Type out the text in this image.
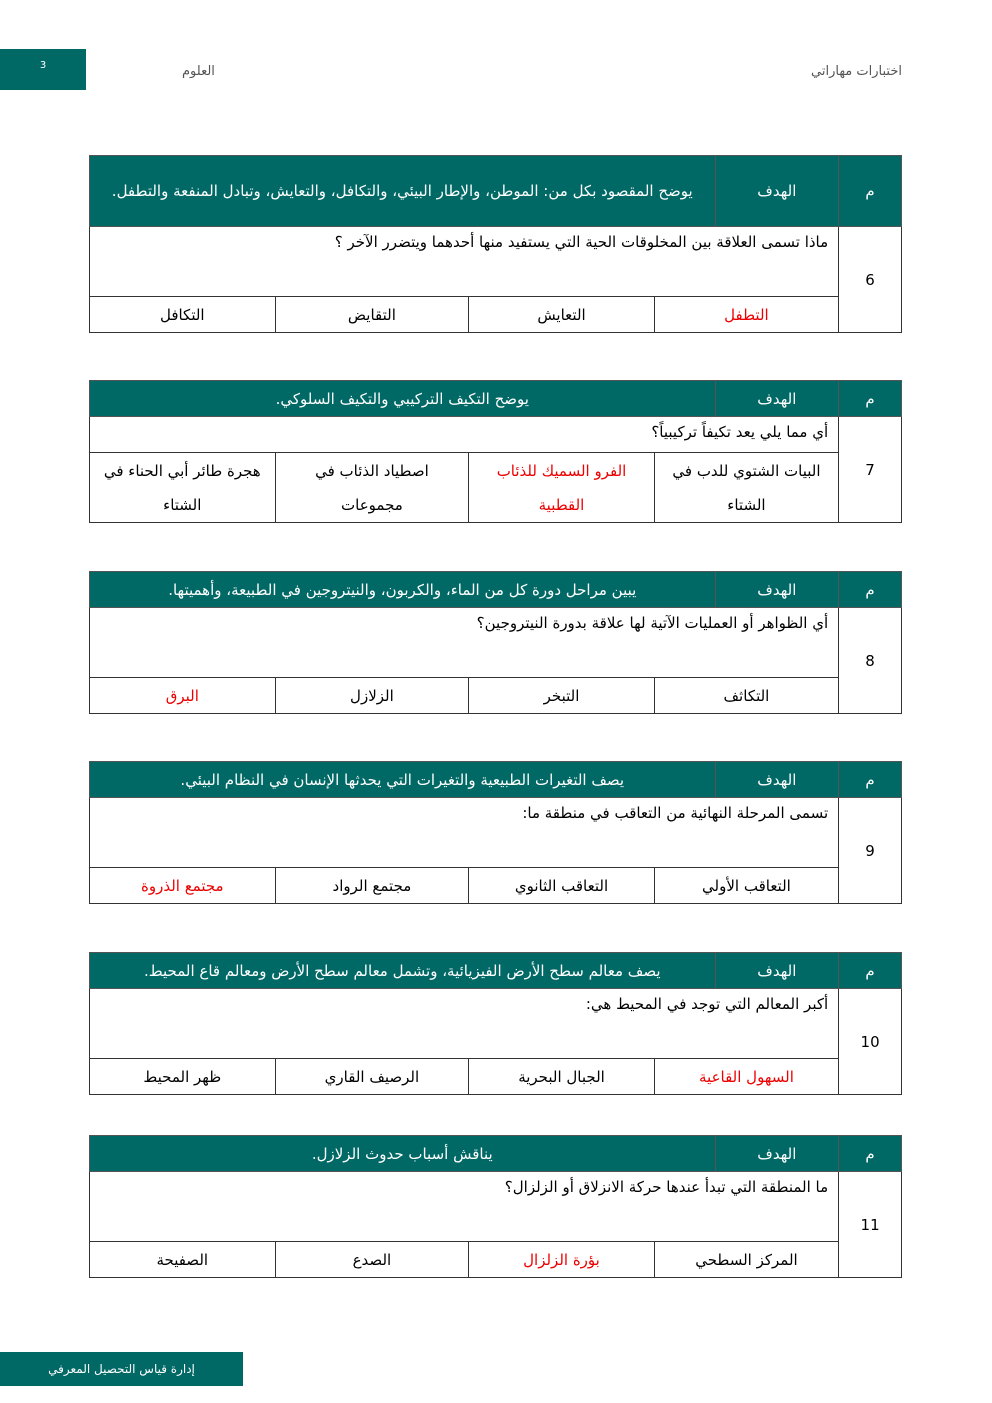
3	العلوم	اختبارات مهاراتي
م	الهدف	يوضح المقصود بكل من: الموطن، والإطار البيئي، والتكافل، والتعايش، وتبادل المنفعة والتطفل.			
6	ماذا تسمى العلاقة بين المخلوقات الحية التي يستفيد منها أحدهما ويتضرر الآخر ؟				
	التطفل		التعايش	التقايض	التكافل
م	الهدف	يوضح التكيف التركيبي والتكيف السلوكي.			
7	أي مما يلي يعد تكيفاً تركيبياً؟				
	البيات الشتوي للدب في الشتاء		الفرو السميك للذئاب القطبية	اصطياد الذئاب في مجموعات	هجرة طائر أبي الحناء في الشتاء
م	الهدف	يبين مراحل دورة كل من الماء، والكربون، والنيتروجين في الطبيعة، وأهميتها.			
8	أي الظواهر أو العمليات الآتية لها علاقة بدورة النيتروجين؟				
	التكاثف		التبخر	الزلازل	البرق
م	الهدف	يصف التغيرات الطبيعية والتغيرات التي يحدثها الإنسان في النظام البيئي.			
9	تسمى المرحلة النهائية من التعاقب في منطقة ما:				
	التعاقب الأولي		التعاقب الثانوي	مجتمع الرواد	مجتمع الذروة
م	الهدف	يصف معالم سطح الأرض الفيزيائية، وتشمل معالم سطح الأرض ومعالم قاع المحيط.			
10	أكبر المعالم التي توجد في المحيط هي:				
	السهول القاعية		الجبال البحرية	الرصيف القاري	ظهر المحيط
م	الهدف	يناقش أسباب حدوث الزلازل.			
11	ما المنطقة التي تبدأ عندها حركة الانزلاق أو الزلزال؟				
	المركز السطحي		بؤرة الزلزال	الصدع	الصفيحة
إدارة قياس التحصيل المعرفي
